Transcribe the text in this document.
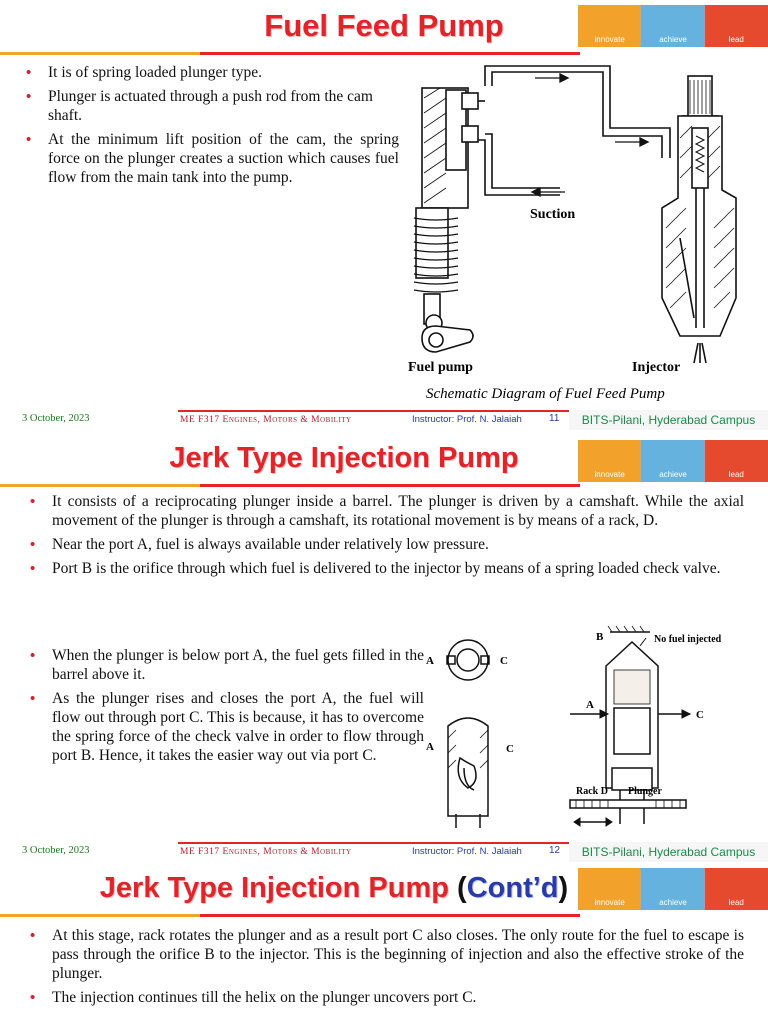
Fuel Feed Pump	innovate	achieve	lead
• It is of spring loaded plunger type.
• Plunger is actuated through a push rod from the cam shaft.
• At the minimum lift position of the cam, the spring force on the plunger creates a suction which causes fuel flow from the main tank into the pump.
Suction
Fuel pump	Injector
Schematic Diagram of Fuel Feed Pump
3 October, 2023	ME F317 Engines, Motors & Mobility	Instructor: Prof. N. Jalaiah	11	BITS-Pilani, Hyderabad Campus
Jerk Type Injection Pump
innovate	achieve	lead
• It consists of a reciprocating plunger inside a barrel. The plunger is driven by a camshaft. While the axial movement of the plunger is through a camshaft, its rotational movement is by means of a rack, D.
• Near the port A, fuel is always available under relatively low pressure.
• Port B is the orifice through which fuel is delivered to the injector by means of a spring loaded check valve.
• When the plunger is below port A, the fuel gets filled in the barrel above it.
• As the plunger rises and closes the port A, the fuel will flow out through port C. This is because, it has to overcome the spring force of the check valve in order to flow through port B. Hence, it takes the easier way out via port C.
A	C
A	C
B	No fuel injected
A
C
Rack D Plunger
3 October, 2023	ME F317 Engines, Motors & Mobility	Instructor: Prof. N. Jalaiah	12	BITS-Pilani, Hyderabad Campus
Jerk Type Injection Pump (Cont’d)	innovate	achieve	lead
• At this stage, rack rotates the plunger and as a result port C also closes. The only route for the fuel to escape is pass through the orifice B to the injector. This is the beginning of injection and also the effective stroke of the plunger.
• The injection continues till the helix on the plunger uncovers port C.
